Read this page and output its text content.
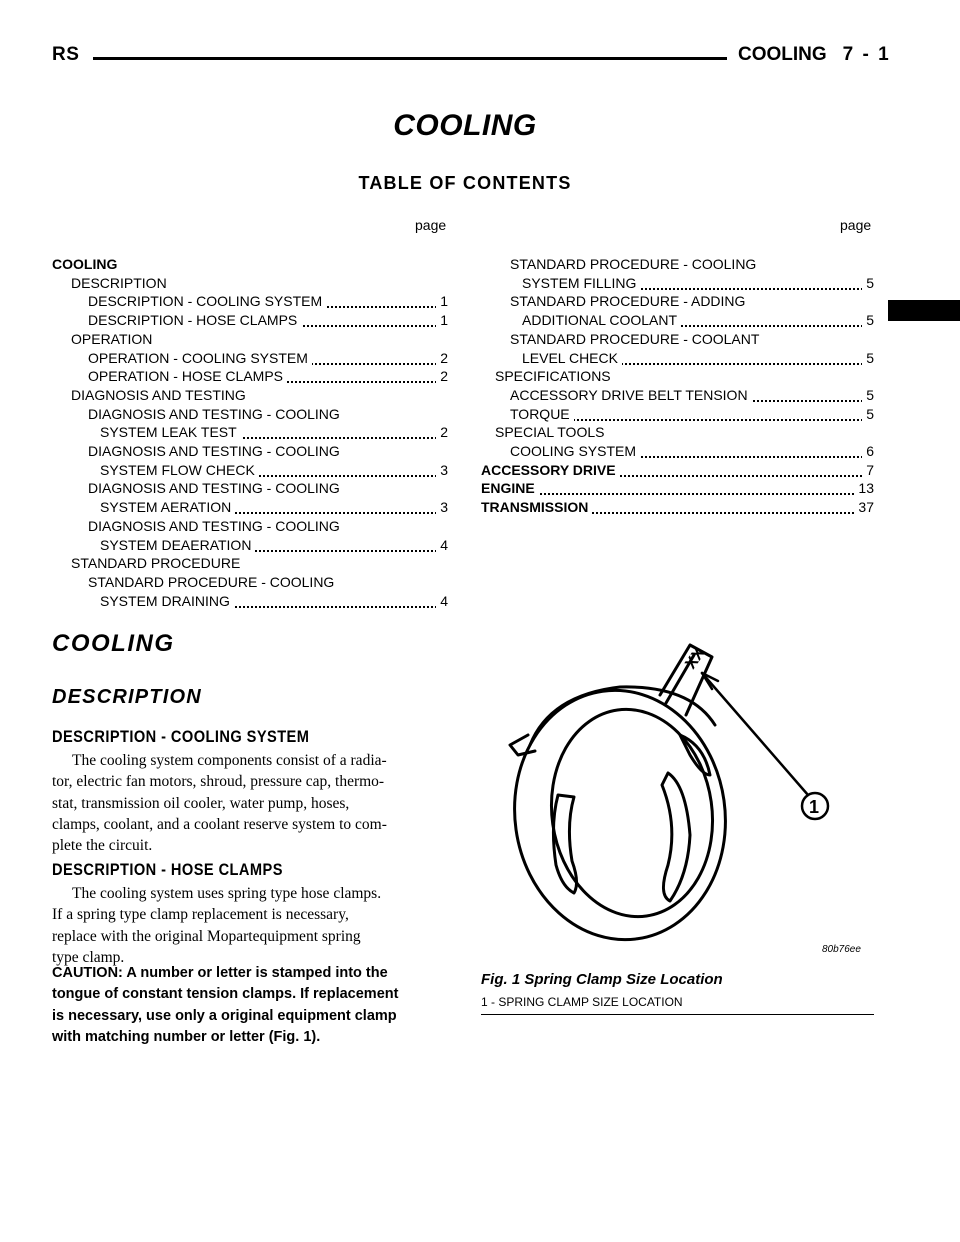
RS	COOLING 7 - 1
COOLING
TABLE OF CONTENTS
page	page
COOLING
DESCRIPTION
DESCRIPTION - COOLING SYSTEM	1
DESCRIPTION - HOSE CLAMPS	1
OPERATION
OPERATION - COOLING SYSTEM	2
OPERATION - HOSE CLAMPS	2
DIAGNOSIS AND TESTING
DIAGNOSIS AND TESTING - COOLING
SYSTEM LEAK TEST	2
DIAGNOSIS AND TESTING - COOLING
SYSTEM FLOW CHECK	3
DIAGNOSIS AND TESTING - COOLING
SYSTEM AERATION	3
DIAGNOSIS AND TESTING - COOLING
SYSTEM DEAERATION	4
STANDARD PROCEDURE
STANDARD PROCEDURE - COOLING
SYSTEM DRAINING	4
STANDARD PROCEDURE - COOLING
SYSTEM FILLING	5
STANDARD PROCEDURE - ADDING
ADDITIONAL COOLANT	5
STANDARD PROCEDURE - COOLANT
LEVEL CHECK	5
SPECIFICATIONS
ACCESSORY DRIVE BELT TENSION	5
TORQUE	5
SPECIAL TOOLS
COOLING SYSTEM	6
ACCESSORY DRIVE	7
ENGINE	13
TRANSMISSION	37
COOLING
DESCRIPTION
DESCRIPTION - COOLING SYSTEM
The cooling system components consist of a radia-
tor, electric fan motors, shroud, pressure cap, thermo-
stat, transmission oil cooler, water pump, hoses,
clamps, coolant, and a coolant reserve system to com-
plete the circuit.
DESCRIPTION - HOSE CLAMPS
The cooling system uses spring type hose clamps.
If a spring type clamp replacement is necessary,
replace with the original Mopartequipment spring
type clamp.
CAUTION: A number or letter is stamped into the
tongue of constant tension clamps. If replacement
is necessary, use only a original equipment clamp
with matching number or letter (Fig. 1).
XX
1
80b76ee
Fig. 1 Spring Clamp Size Location
1 - SPRING CLAMP SIZE LOCATION
